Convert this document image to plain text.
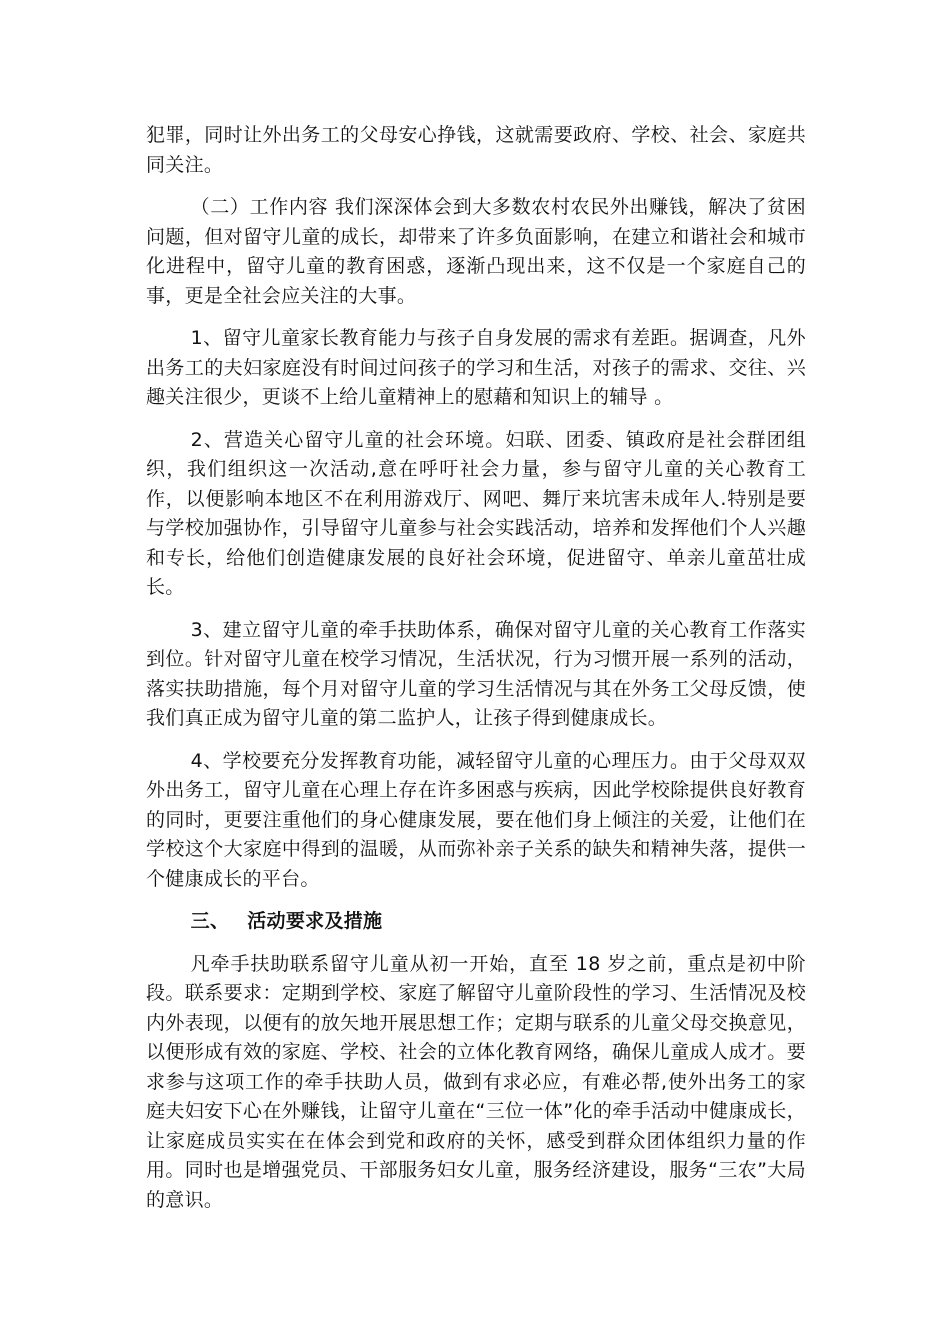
犯罪，同时让外出务工的父母安心挣钱，这就需要政府、学校、社会、家庭共同关注。

（二）工作内容 我们深深体会到大多数农村农民外出赚钱，解决了贫困问题，但对留守儿童的成长，却带来了许多负面影响，在建立和谐社会和城市化进程中，留守儿童的教育困惑，逐渐凸现出来，这不仅是一个家庭自己的事，更是全社会应关注的大事。

1、留守儿童家长教育能力与孩子自身发展的需求有差距。据调查，凡外出务工的夫妇家庭没有时间过问孩子的学习和生活，对孩子的需求、交往、兴趣关注很少，更谈不上给儿童精神上的慰藉和知识上的辅导 。

2、营造关心留守儿童的社会环境。妇联、团委、镇政府是社会群团组织，我们组织这一次活动,意在呼吁社会力量，参与留守儿童的关心教育工作，以便影响本地区不在利用游戏厅、网吧、舞厅来坑害未成年人.特别是要与学校加强协作，引导留守儿童参与社会实践活动，培养和发挥他们个人兴趣和专长，给他们创造健康发展的良好社会环境，促进留守、单亲儿童茁壮成长。

3、建立留守儿童的牵手扶助体系，确保对留守儿童的关心教育工作落实到位。针对留守儿童在校学习情况，生活状况，行为习惯开展一系列的活动，落实扶助措施，每个月对留守儿童的学习生活情况与其在外务工父母反馈，使我们真正成为留守儿童的第二监护人，让孩子得到健康成长。

4、学校要充分发挥教育功能，减轻留守儿童的心理压力。由于父母双双外出务工，留守儿童在心理上存在许多困惑与疾病，因此学校除提供良好教育的同时，更要注重他们的身心健康发展，要在他们身上倾注的关爱，让他们在学校这个大家庭中得到的温暖，从而弥补亲子关系的缺失和精神失落，提供一个健康成长的平台。

三、 活动要求及措施

凡牵手扶助联系留守儿童从初一开始，直至 18 岁之前，重点是初中阶段。联系要求：定期到学校、家庭了解留守儿童阶段性的学习、生活情况及校内外表现，以便有的放矢地开展思想工作；定期与联系的儿童父母交换意见，以便形成有效的家庭、学校、社会的立体化教育网络，确保儿童成人成才。要求参与这项工作的牵手扶助人员，做到有求必应，有难必帮,使外出务工的家庭夫妇安下心在外赚钱，让留守儿童在“三位一体”化的牵手活动中健康成长，让家庭成员实实在在体会到党和政府的关怀，感受到群众团体组织力量的作用。同时也是增强党员、干部服务妇女儿童，服务经济建设，服务“三农”大局的意识。
